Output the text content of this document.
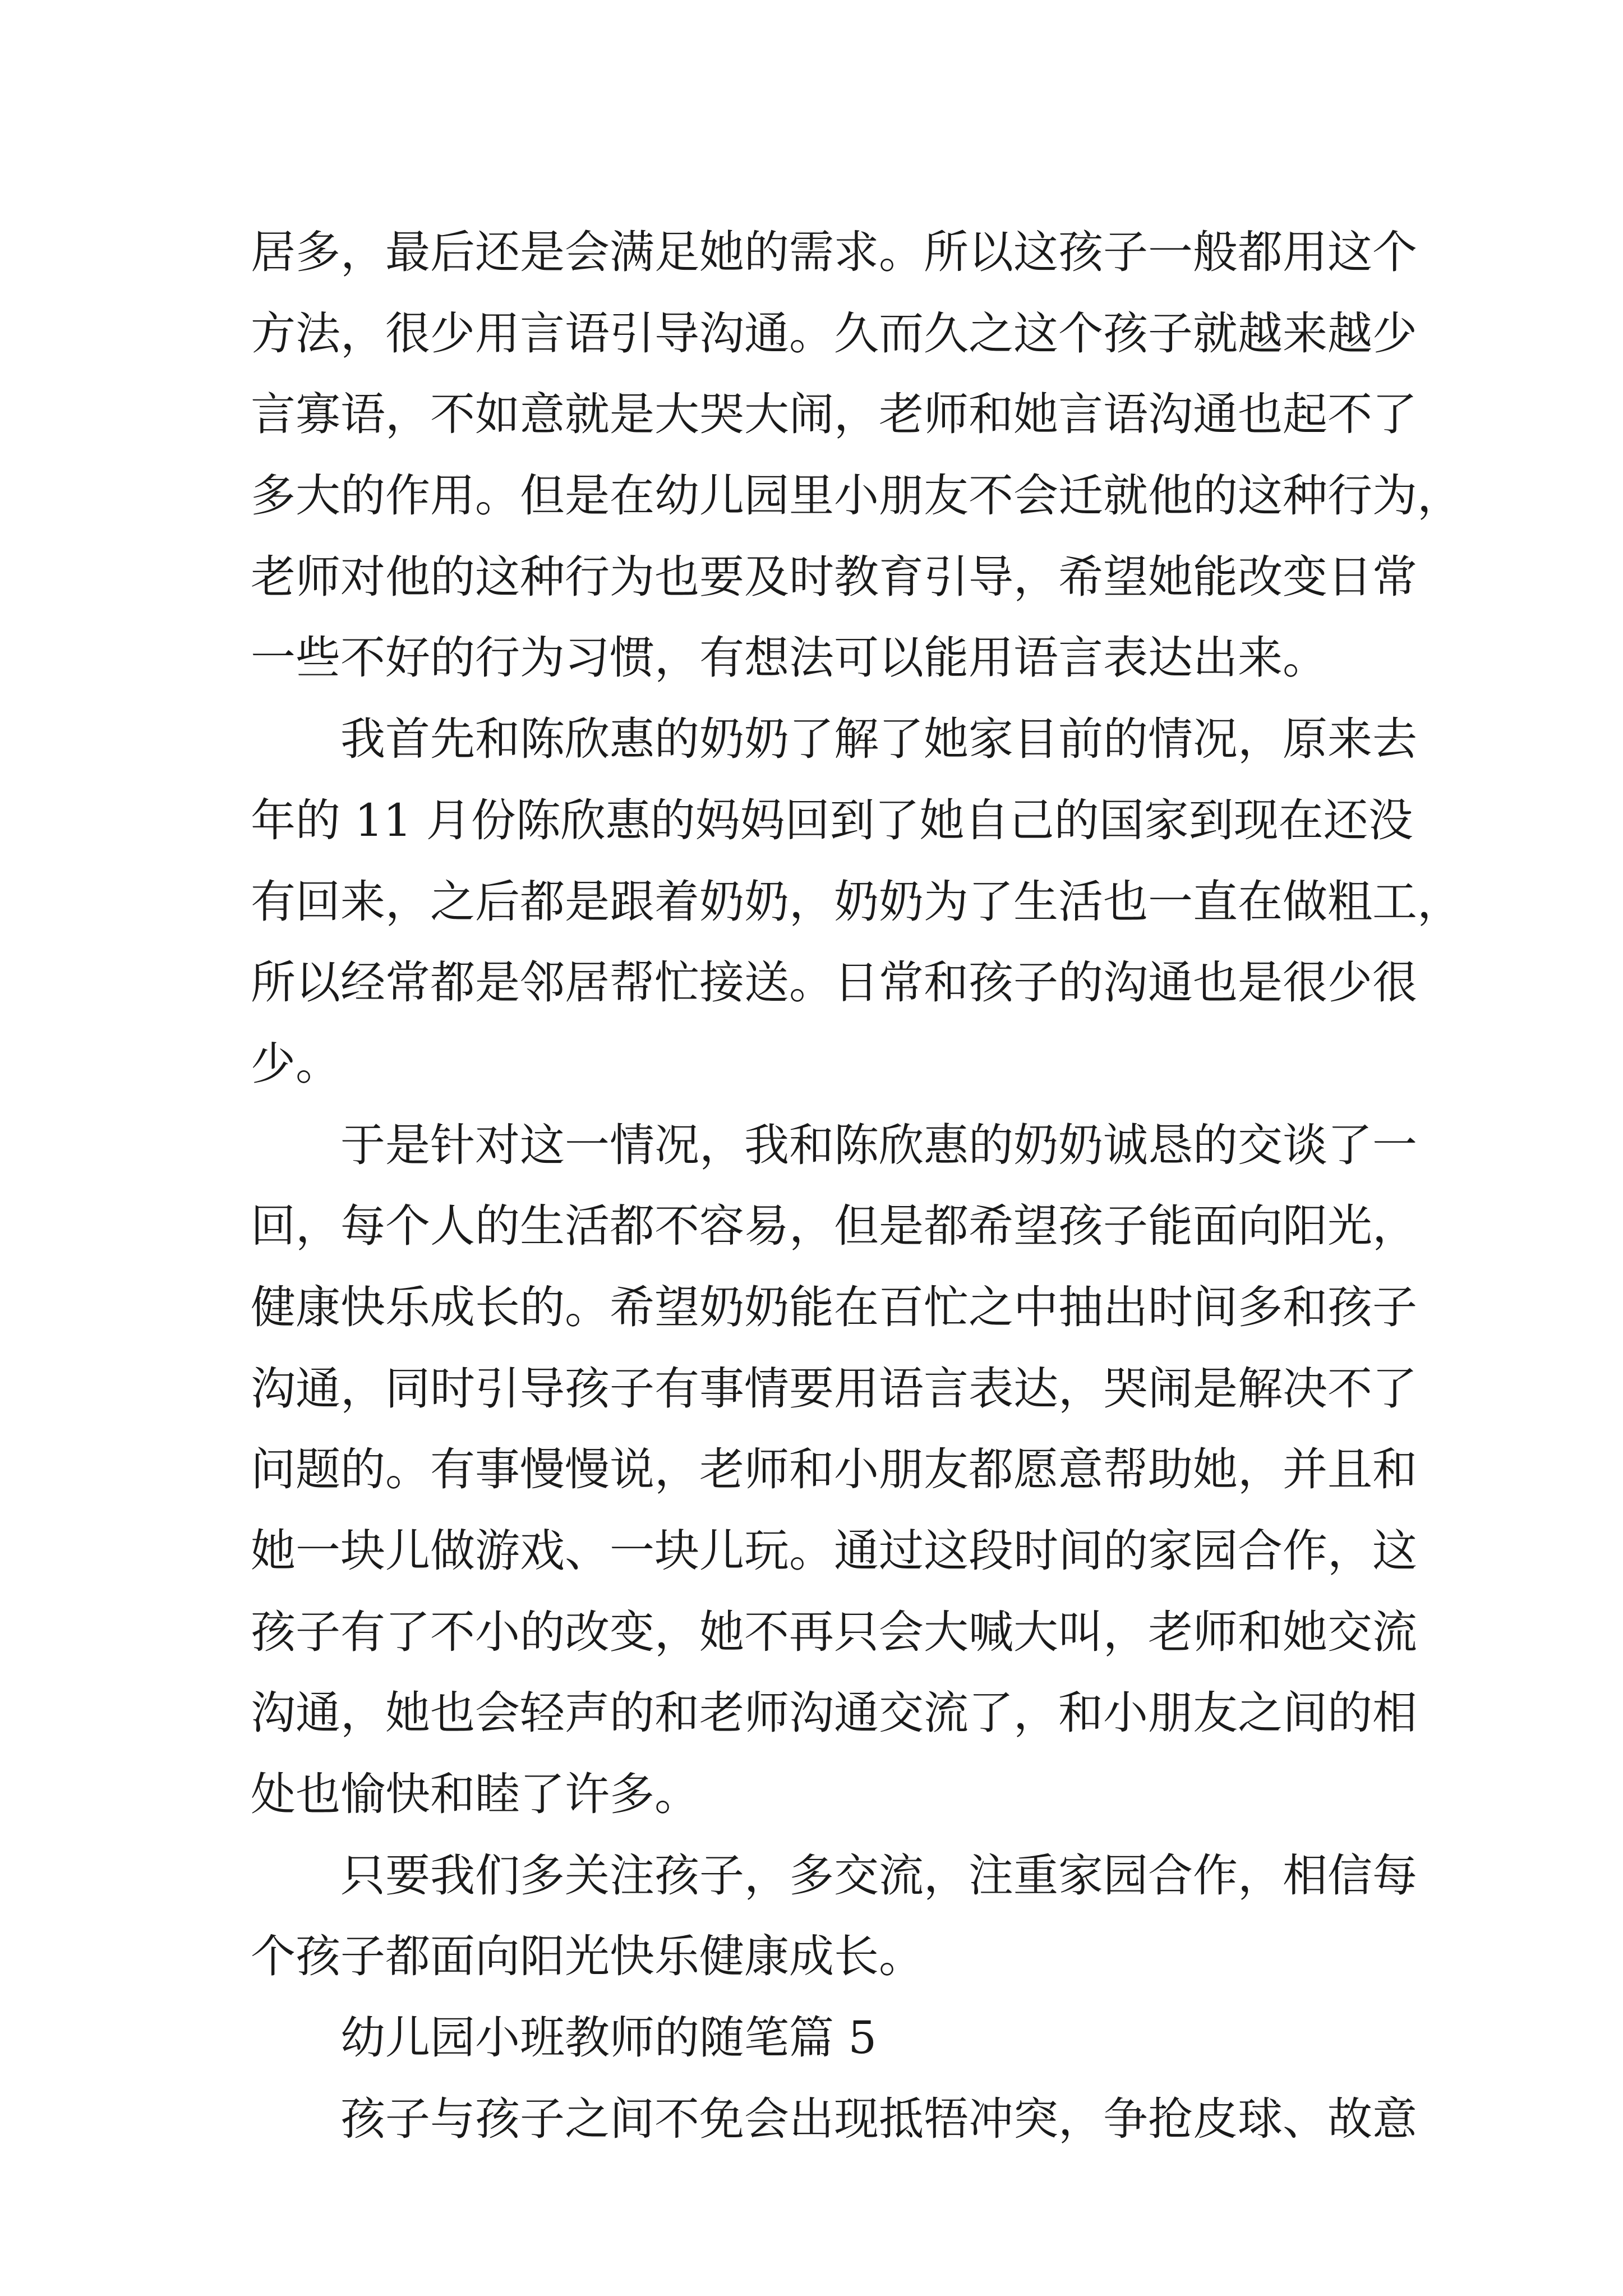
居多，最后还是会满足她的需求。所以这孩子一般都用这个
方法，很少用言语引导沟通。久而久之这个孩子就越来越少
言寡语，不如意就是大哭大闹，老师和她言语沟通也起不了
多大的作用。但是在幼儿园里小朋友不会迁就他的这种行为，
老师对他的这种行为也要及时教育引导，希望她能改变日常
一些不好的行为习惯，有想法可以能用语言表达出来。
我首先和陈欣惠的奶奶了解了她家目前的情况，原来去
年的 11 月份陈欣惠的妈妈回到了她自己的国家到现在还没
有回来，之后都是跟着奶奶，奶奶为了生活也一直在做粗工，
所以经常都是邻居帮忙接送。日常和孩子的沟通也是很少很
少。
于是针对这一情况，我和陈欣惠的奶奶诚恳的交谈了一
回，每个人的生活都不容易，但是都希望孩子能面向阳光，
健康快乐成长的。希望奶奶能在百忙之中抽出时间多和孩子
沟通，同时引导孩子有事情要用语言表达，哭闹是解决不了
问题的。有事慢慢说，老师和小朋友都愿意帮助她，并且和
她一块儿做游戏、一块儿玩。通过这段时间的家园合作，这
孩子有了不小的改变，她不再只会大喊大叫，老师和她交流
沟通，她也会轻声的和老师沟通交流了，和小朋友之间的相
处也愉快和睦了许多。
只要我们多关注孩子，多交流，注重家园合作，相信每
个孩子都面向阳光快乐健康成长。
幼儿园小班教师的随笔篇 5
孩子与孩子之间不免会出现抵牾冲突，争抢皮球、故意
